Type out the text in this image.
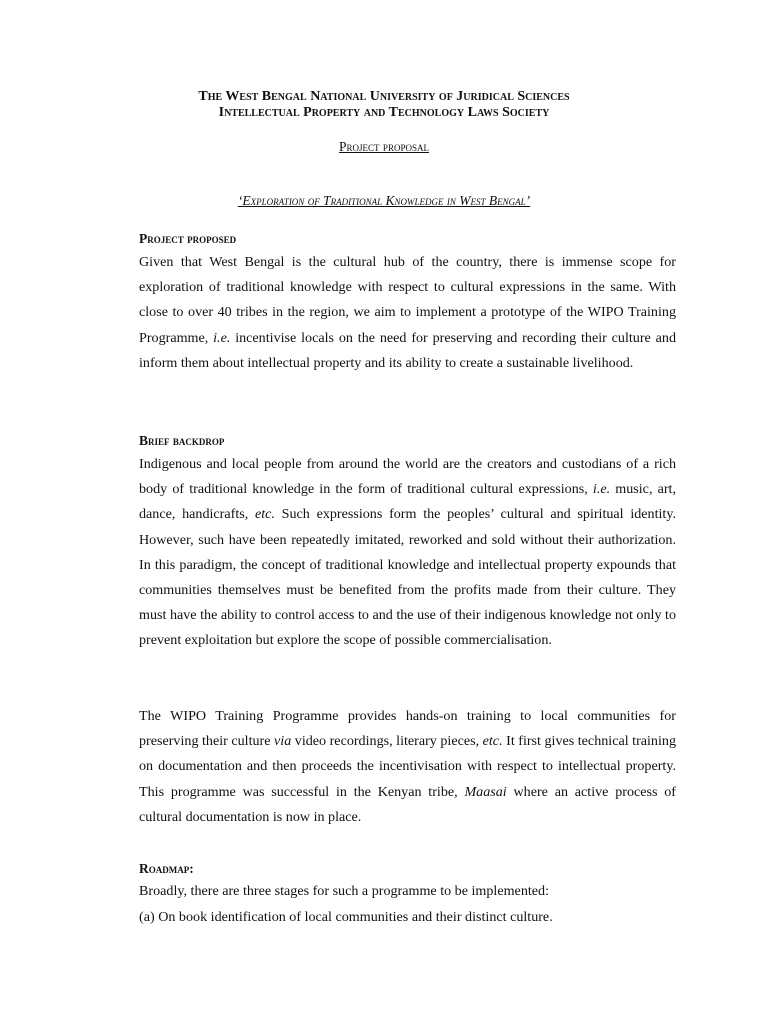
The West Bengal National University of Juridical Sciences
Intellectual Property and Technology Laws Society
Project proposal
‘Exploration of Traditional Knowledge in West Bengal’
Project proposed
Given that West Bengal is the cultural hub of the country, there is immense scope for exploration of traditional knowledge with respect to cultural expressions in the same. With close to over 40 tribes in the region, we aim to implement a prototype of the WIPO Training Programme, i.e. incentivise locals on the need for preserving and recording their culture and inform them about intellectual property and its ability to create a sustainable livelihood.
Brief backdrop
Indigenous and local people from around the world are the creators and custodians of a rich body of traditional knowledge in the form of traditional cultural expressions, i.e. music, art, dance, handicrafts, etc. Such expressions form the peoples’ cultural and spiritual identity. However, such have been repeatedly imitated, reworked and sold without their authorization. In this paradigm, the concept of traditional knowledge and intellectual property expounds that communities themselves must be benefited from the profits made from their culture. They must have the ability to control access to and the use of their indigenous knowledge not only to prevent exploitation but explore the scope of possible commercialisation.
The WIPO Training Programme provides hands-on training to local communities for preserving their culture via video recordings, literary pieces, etc. It first gives technical training on documentation and then proceeds the incentivisation with respect to intellectual property. This programme was successful in the Kenyan tribe, Maasai where an active process of cultural documentation is now in place.
Roadmap:
Broadly, there are three stages for such a programme to be implemented:
(a) On book identification of local communities and their distinct culture.
